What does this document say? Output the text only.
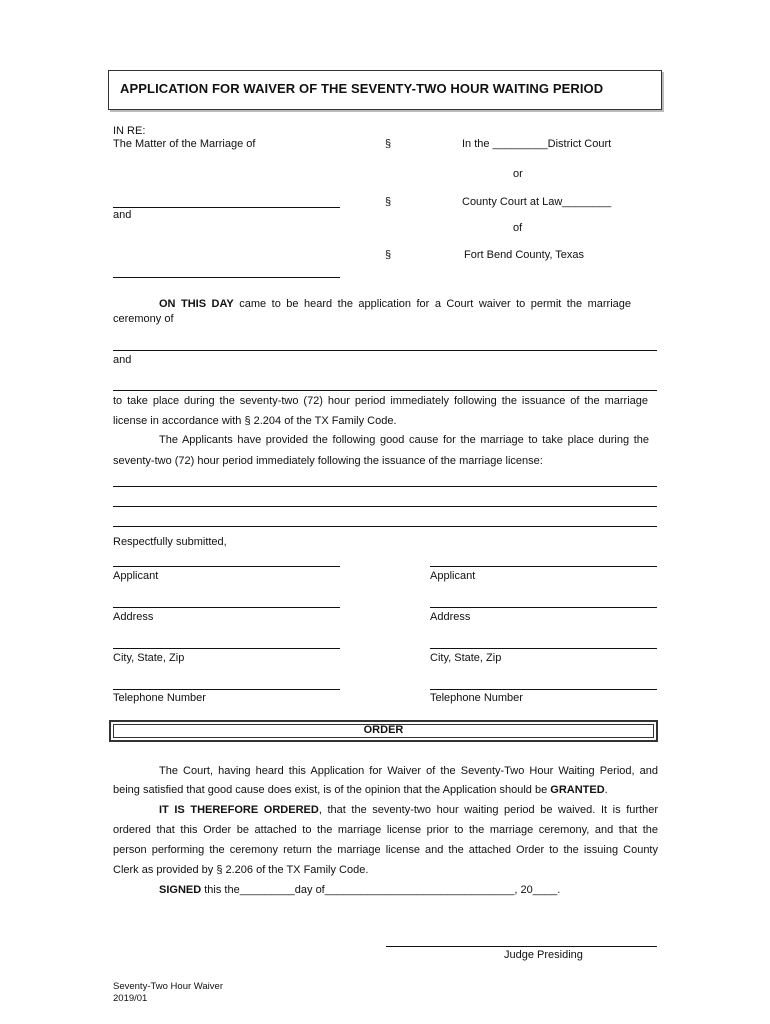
APPLICATION FOR WAIVER OF THE SEVENTY-TWO HOUR WAITING PERIOD
IN RE:
The Matter of the Marriage of	§	In the _________District Court
or
§	County Court at Law________
and
of
§	Fort Bend County, Texas
ON THIS DAY came to be heard the application for a Court waiver to permit the marriage
ceremony of
and
to take place during the seventy-two (72) hour period immediately following the issuance of the marriage
license in accordance with § 2.204 of the TX Family Code.
The Applicants have provided the following good cause for the marriage to take place during the
seventy-two (72) hour period immediately following the issuance of the marriage license:
Respectfully submitted,
Applicant	Applicant
Address	Address
City, State, Zip	City, State, Zip
Telephone Number	Telephone Number
ORDER
The Court, having heard this Application for Waiver of the Seventy-Two Hour Waiting Period, and
being satisfied that good cause does exist, is of the opinion that the Application should be GRANTED.
IT IS THEREFORE ORDERED, that the seventy-two hour waiting period be waived. It is further
ordered that this Order be attached to the marriage license prior to the marriage ceremony, and that the
person performing the ceremony return the marriage license and the attached Order to the issuing County
Clerk as provided by § 2.206 of the TX Family Code.
SIGNED this the_________day of_______________________________, 20____.
Judge Presiding
Seventy-Two Hour Waiver
2019/01
